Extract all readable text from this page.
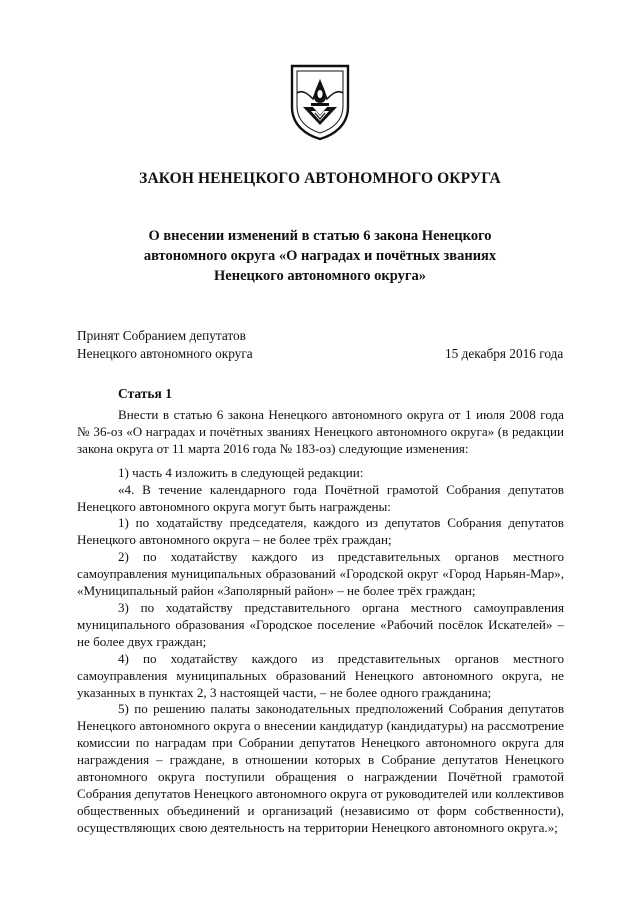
ЗАКОН НЕНЕЦКОГО АВТОНОМНОГО ОКРУГА
О внесении изменений в статью 6 закона Ненецкого автономного округа «О наградах и почётных званиях Ненецкого автономного округа»
Принят Собранием депутатов
Ненецкого автономного округа	15 декабря 2016 года
Статья 1

Внести в статью 6 закона Ненецкого автономного округа от 1 июля 2008 года № 36-оз «О наградах и почётных званиях Ненецкого автономного округа» (в редакции закона округа от 11 марта 2016 года № 183-оз) следующие изменения:

1) часть 4 изложить в следующей редакции:

«4. В течение календарного года Почётной грамотой Собрания депутатов Ненецкого автономного округа могут быть награждены:

1) по ходатайству председателя, каждого из депутатов Собрания депутатов Ненецкого автономного округа – не более трёх граждан;

2) по ходатайству каждого из представительных органов местного самоуправления муниципальных образований «Городской округ «Город Нарьян-Мар», «Муниципальный район «Заполярный район» – не более трёх граждан;

3) по ходатайству представительного органа местного самоуправления муниципального образования «Городское поселение «Рабочий посёлок Искателей» – не более двух граждан;

4) по ходатайству каждого из представительных органов местного самоуправления муниципальных образований Ненецкого автономного округа, не указанных в пунктах 2, 3 настоящей части, – не более одного гражданина;

5) по решению палаты законодательных предположений Собрания депутатов Ненецкого автономного округа о внесении кандидатур (кандидатуры) на рассмотрение комиссии по наградам при Собрании депутатов Ненецкого автономного округа для награждения – граждане, в отношении которых в Собрание депутатов Ненецкого автономного округа поступили обращения о награждении Почётной грамотой Собрания депутатов Ненецкого автономного округа от руководителей или коллективов общественных объединений и организаций (независимо от форм собственности), осуществляющих свою деятельность на территории Ненецкого автономного округа.»;
